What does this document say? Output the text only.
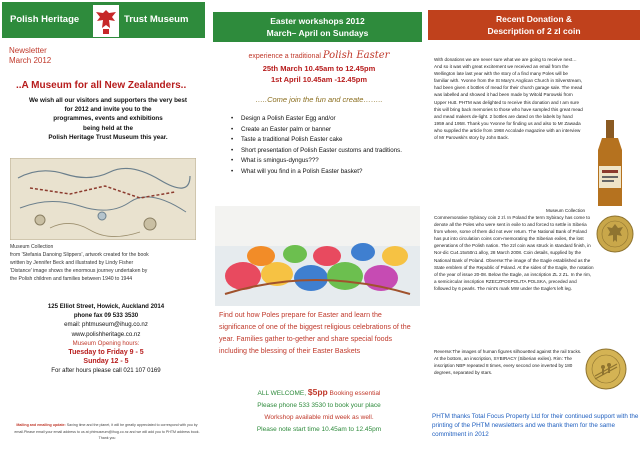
Polish Heritage	Trust Museum
Newsletter
March 2012
..A Museum for all New Zealanders..
We wish all our visitors and supporters the very best
for 2012 and invite you to the
programmes, events and exhibitions
being held at the
Polish Heritage Trust Museum this year.
Museum Collection
from 'Stefania Danoing Slippers', artwork created for the book
written by Jennifer Beck and illustrated by Lindy Fisher
'Distance' image shows the enormous journey undertaken by
the Polish children and families between 1940 to 1944
125 Elliot Street, Howick, Auckland 2014
phone fax 09 533 3530
email: phtmuseum@ihug.co.nz
www.polishheritage.co.nz
Museum Opening hours:
Tuesday to Friday 9 - 5
Sunday 12 - 5
For after hours please call 021 107 0169
Mailing and emailing update: Saving time and the planet, it will be greatly appreciated to correspond with you by email.Please email your email address to us at phtmuseum@ihug.co.nz and we will add you to PHTM address book. Thank you
Easter workshops 2012
March– April on Sundays
experience a traditional Polish Easter
25th March 10.45am to 12.45pm
1st April 10.45am -12.45pm
…..Come join the fun and create……..
• Design a Polish Easter Egg and/or
• Create an Easter palm or banner
• Taste a traditional Polish Easter cake
• Short presentation of Polish Easter customs and traditions.
• What is smingus-dyngus???
• What will you find in a Polish Easter basket?
Find out how Poles prepare for Easter and learn the significance of one of the biggest religious celebrations of the year. Families gather to-gether and share special foods including the blessing of their Easter Baskets
ALL WELCOME, $5pp Booking essential
Please phone 533 3530 to book your place
Workshop available mid week as well.
Please note start time 10.45am to 12.45pm
Recent Donation &
Description of 2 zl coin
With donations we are never sure what we are going to receive next… And so it was with great excitement we received an email from the Wellington late last year with the story of a find many Poles will be familiar with. Yvonne from the St Mary's Anglican Church in Silverstream, had been given 4 bottles of mead for their church garage sale. The mead was labelled and showed it had been made by Witold Parowski from Upper Hutt. PHTM was delighted to receive this donation and I am sure this will bring back memories to those who have sampled this great mead and mead makers de-light. 2 bottles are dated on the labels by hand 1959 and 1958. Thank you Yvonne for finding us and also to Mr Zawada who supplied the article from 1968 Accolade magazine with an interview of Mr Parowski's story by John Back.
Museum Collection
Commemorative Sybiracy coin 2 zl. In Poland the term Sybiracy has come to denote all the Poles who were sent in exile to and forced to settle in Siberia from where, some of them did not ever return. The National Bank of Poland has put into circulation coins com-memorating the Siberian exiles, the lost generations of the Polish nation. The 2zl coin was struck in standard finish, in Nor-dic Cu4.15x50n1 alloy, 28 March 2008. Coin details, supplied by the National Bank of Poland. Obverse:The image of the Eagle established as the State emblem of the Republic of Poland. At the sides of the Eagle, the notation of the year of issue 20-08. Below the Eagle, an inscription ZL 2 ZL. In the rim, a semicircular inscription RZECZPOSPOLITA POLSKA, preceded and followed by 6 pearls. The mint's mark MW under the Eagle's left leg.
Reverse:The images of human figures silhouetted against the rail tracks. At the bottom, an inscription, SYBIRACY (Siberian exiles). Rim: The inscription NBP repeated 8 times, every second one inverted by 180 degrees, separated by stars.
PHTM thanks Total Focus Property Ltd for their continued support with the printing of the PHTM newsletters and we thank them for the same commitment in 2012
